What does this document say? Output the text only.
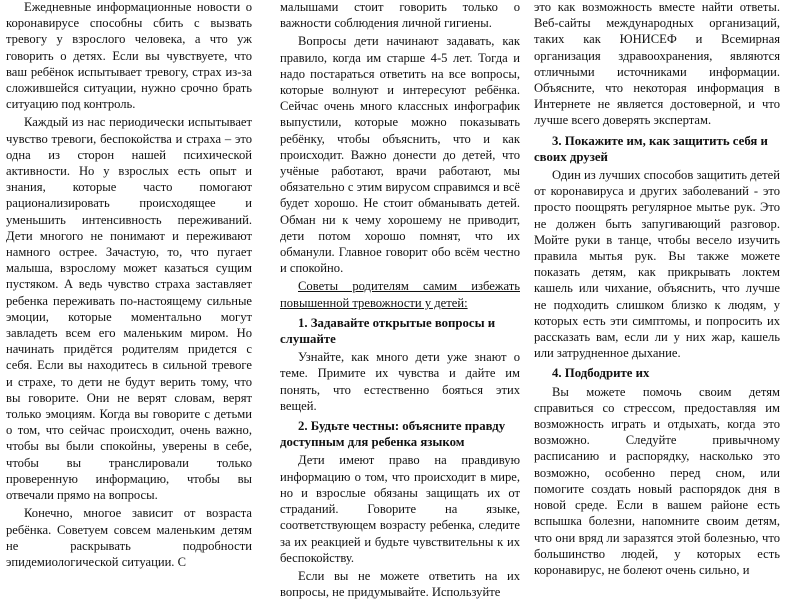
Ежедневные информационные новости о коронавирусе способны сбить с вызвать тревогу у взрослого человека, а что уж говорить о детях. Если вы чувствуете, что ваш ребёнок испытывает тревогу, страх из-за сложившейся ситуации, нужно срочно брать ситуацию под контроль.

Каждый из нас периодически испытывает чувство тревоги, беспокойства и страха – это одна из сторон нашей психической активности. Но у взрослых есть опыт и знания, которые часто помогают рационализировать происходящее и уменьшить интенсивность переживаний. Дети многого не понимают и переживают намного острее. Зачастую, то, что пугает малыша, взрослому может казаться сущим пустяком. А ведь чувство страха заставляет ребенка переживать по-настоящему сильные эмоции, которые моментально могут завладеть всем его маленьким миром. Но начинать придётся родителям придется с себя. Если вы находитесь в сильной тревоге и страхе, то дети не будут верить тому, что вы говорите. Они не верят словам, верят только эмоциям. Когда вы говорите с детьми о том, что сейчас происходит, очень важно, чтобы вы были спокойны, уверены в себе, чтобы вы транслировали только проверенную информацию, чтобы вы отвечали прямо на вопросы.

Конечно, многое зависит от возраста ребёнка. Советуем совсем маленьким детям не раскрывать подробности эпидемиологической ситуации. С

малышами стоит говорить только о важности соблюдения личной гигиены.

Вопросы дети начинают задавать, как правило, когда им старше 4-5 лет. Тогда и надо постараться ответить на все вопросы, которые волнуют и интересуют ребёнка. Сейчас очень много классных инфографик выпустили, которые можно показывать ребёнку, чтобы объяснить, что и как происходит. Важно донести до детей, что учёные работают, врачи работают, мы обязательно с этим вирусом справимся и всё будет хорошо. Не стоит обманывать детей. Обман ни к чему хорошему не приводит, дети потом хорошо помнят, что их обманули. Главное говорит обо всём честно и спокойно.

Советы родителям самим избежать повышенной тревожности у детей:

1. Задавайте открытые вопросы и слушайте

Узнайте, как много дети уже знают о теме. Примите их чувства и дайте им понять, что естественно бояться этих вещей.

2. Будьте честны: объясните правду доступным для ребенка языком

Дети имеют право на правдивую информацию о том, что происходит в мире, но и взрослые обязаны защищать их от страданий. Говорите на языке, соответствующем возрасту ребенка, следите за их реакцией и будьте чувствительны к их беспокойству.

Если вы не можете ответить на их вопросы, не придумывайте. Используйте

это как возможность вместе найти ответы. Веб-сайты международных организаций, таких как ЮНИСЕФ и Всемирная организация здравоохранения, являются отличными источниками информации. Объясните, что некоторая информация в Интернете не является достоверной, и что лучше всего доверять экспертам.

3. Покажите им, как защитить себя и своих друзей

Один из лучших способов защитить детей от коронавируса и других заболеваний - это просто поощрять регулярное мытье рук. Это не должен быть запугивающий разговор. Мойте руки в танце, чтобы весело изучить правила мытья рук. Вы также можете показать детям, как прикрывать локтем кашель или чихание, объяснить, что лучше не подходить слишком близко к людям, у которых есть эти симптомы, и попросить их рассказать вам, если ли у них жар, кашель или затрудненное дыхание.

4. Подбодрите их

Вы можете помочь своим детям справиться со стрессом, предоставляя им возможность играть и отдыхать, когда это возможно. Следуйте привычному расписанию и распорядку, насколько это возможно, особенно перед сном, или помогите создать новый распорядок дня в новой среде. Если в вашем районе есть вспышка болезни, напомните своим детям, что они вряд ли заразятся этой болезнью, что большинство людей, у которых есть коронавирус, не болеют очень сильно, и
